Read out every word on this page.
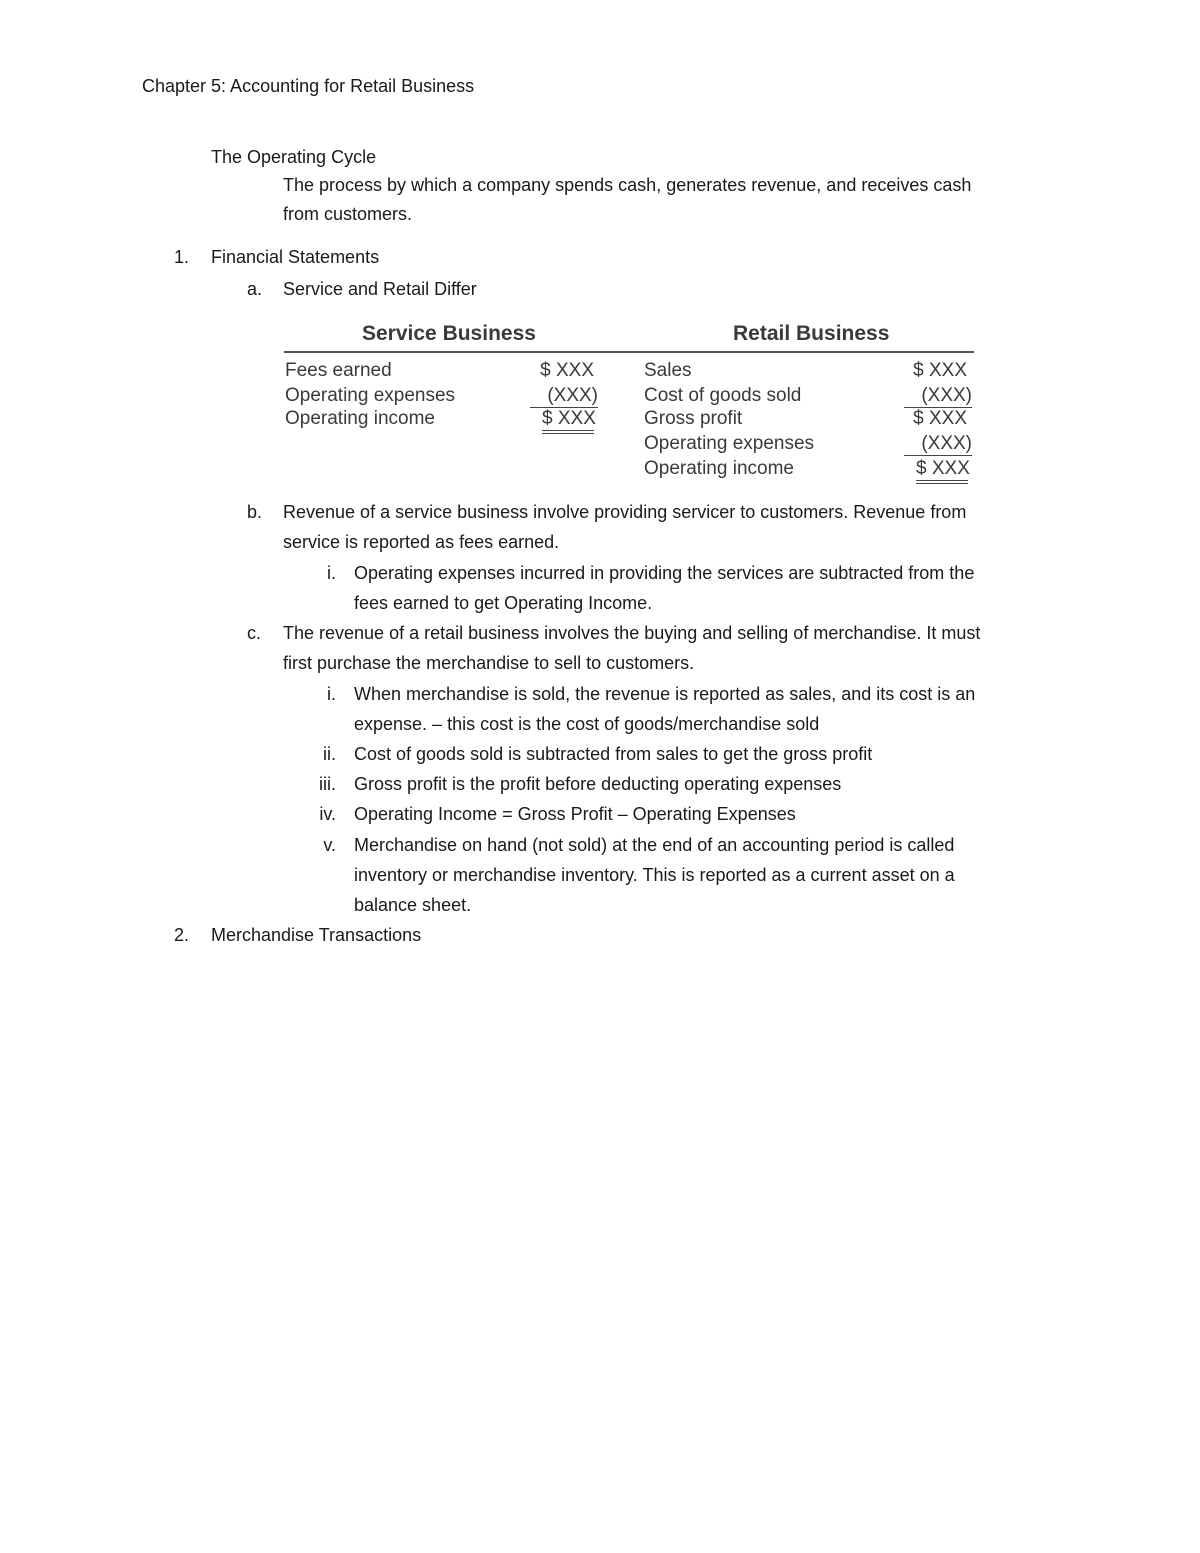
Chapter 5: Accounting for Retail Business
The Operating Cycle
The process by which a company spends cash, generates revenue, and receives cash
from customers.
1. Financial Statements
a. Service and Retail Differ
Service Business	Retail Business
Fees earned	$ XXX
Operating expenses	(XXX)
Operating income	$ XXX
Sales	$ XXX
Cost of goods sold	(XXX)
Gross profit	$ XXX
Operating expenses	(XXX)
Operating income	$ XXX
b. Revenue of a service business involve providing servicer to customers. Revenue from
service is reported as fees earned.
i. Operating expenses incurred in providing the services are subtracted from the
fees earned to get Operating Income.
c. The revenue of a retail business involves the buying and selling of merchandise. It must
first purchase the merchandise to sell to customers.
i. When merchandise is sold, the revenue is reported as sales, and its cost is an
expense. – this cost is the cost of goods/merchandise sold
ii. Cost of goods sold is subtracted from sales to get the gross profit
iii. Gross profit is the profit before deducting operating expenses
iv. Operating Income = Gross Profit – Operating Expenses
v. Merchandise on hand (not sold) at the end of an accounting period is called
inventory or merchandise inventory. This is reported as a current asset on a
balance sheet.
2. Merchandise Transactions
